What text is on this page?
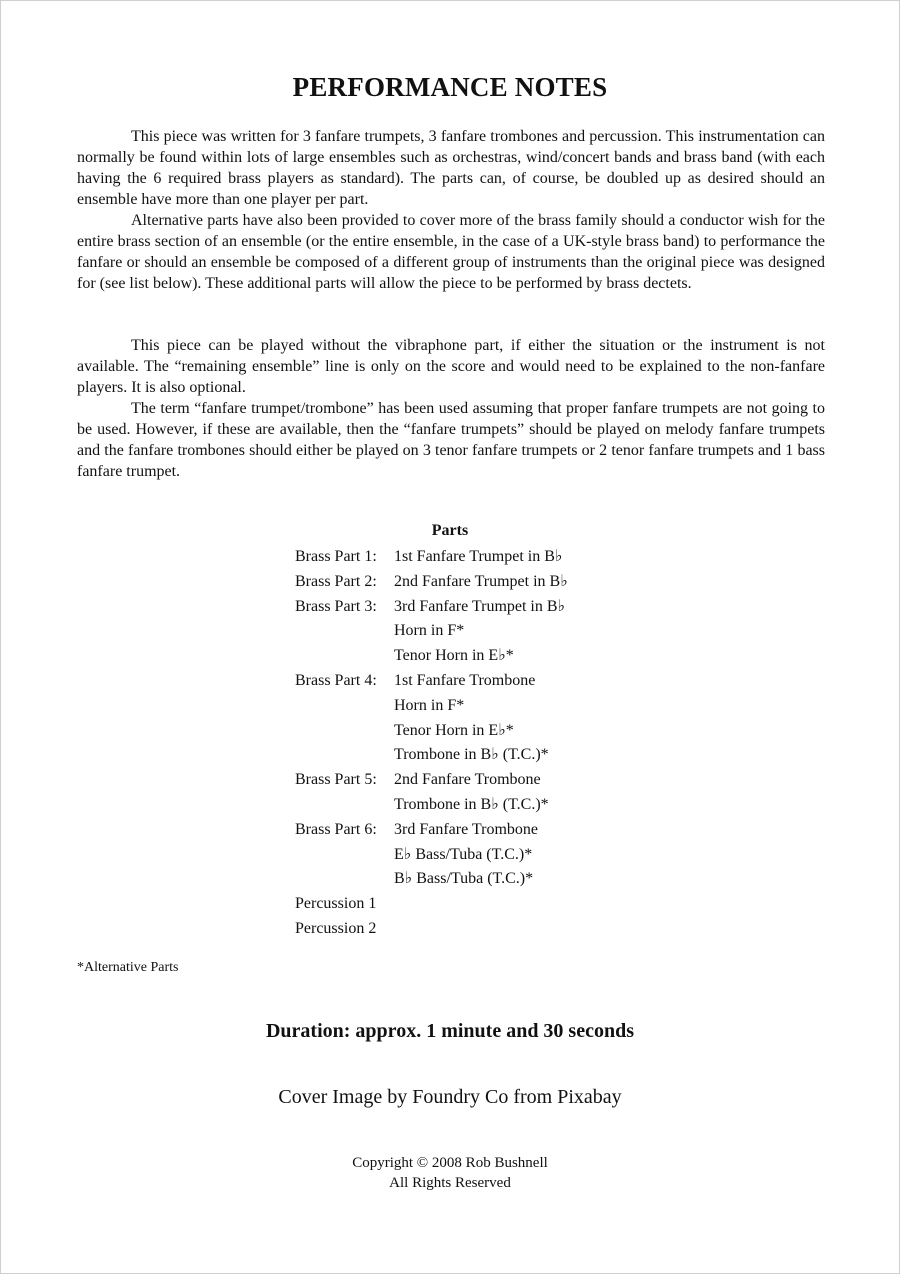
PERFORMANCE NOTES

This piece was written for 3 fanfare trumpets, 3 fanfare trombones and percussion. This instrumentation can normally be found within lots of large ensembles such as orchestras, wind/concert bands and brass band (with each having the 6 required brass players as standard). The parts can, of course, be doubled up as desired should an ensemble have more than one player per part.

Alternative parts have also been provided to cover more of the brass family should a conductor wish for the entire brass section of an ensemble (or the entire ensemble, in the case of a UK-style brass band) to performance the fanfare or should an ensemble be composed of a different group of instruments than the original piece was designed for (see list below). These additional parts will allow the piece to be performed by brass dectets.

This piece can be played without the vibraphone part, if either the situation or the instrument is not available. The “remaining ensemble” line is only on the score and would need to be explained to the non-fanfare players. It is also optional.

The term “fanfare trumpet/trombone” has been used assuming that proper fanfare trumpets are not going to be used. However, if these are available, then the “fanfare trumpets” should be played on melody fanfare trumpets and the fanfare trombones should either be played on 3 tenor fanfare trumpets or 2 tenor fanfare trumpets and 1 bass fanfare trumpet.

Parts
Brass Part 1:	1st Fanfare Trumpet in B♭
Brass Part 2:	2nd Fanfare Trumpet in B♭
Brass Part 3:	3rd Fanfare Trumpet in B♭
Horn in F*
Tenor Horn in E♭*
Brass Part 4:	1st Fanfare Trombone
Horn in F*
Tenor Horn in E♭*
Trombone in B♭ (T.C.)*
Brass Part 5:	2nd Fanfare Trombone
Trombone in B♭ (T.C.)*
Brass Part 6:	3rd Fanfare Trombone
E♭ Bass/Tuba (T.C.)*
B♭ Bass/Tuba (T.C.)*
Percussion 1
Percussion 2
*Alternative Parts
Duration: approx. 1 minute and 30 seconds
Cover Image by Foundry Co from Pixabay
Copyright © 2008 Rob Bushnell
All Rights Reserved
